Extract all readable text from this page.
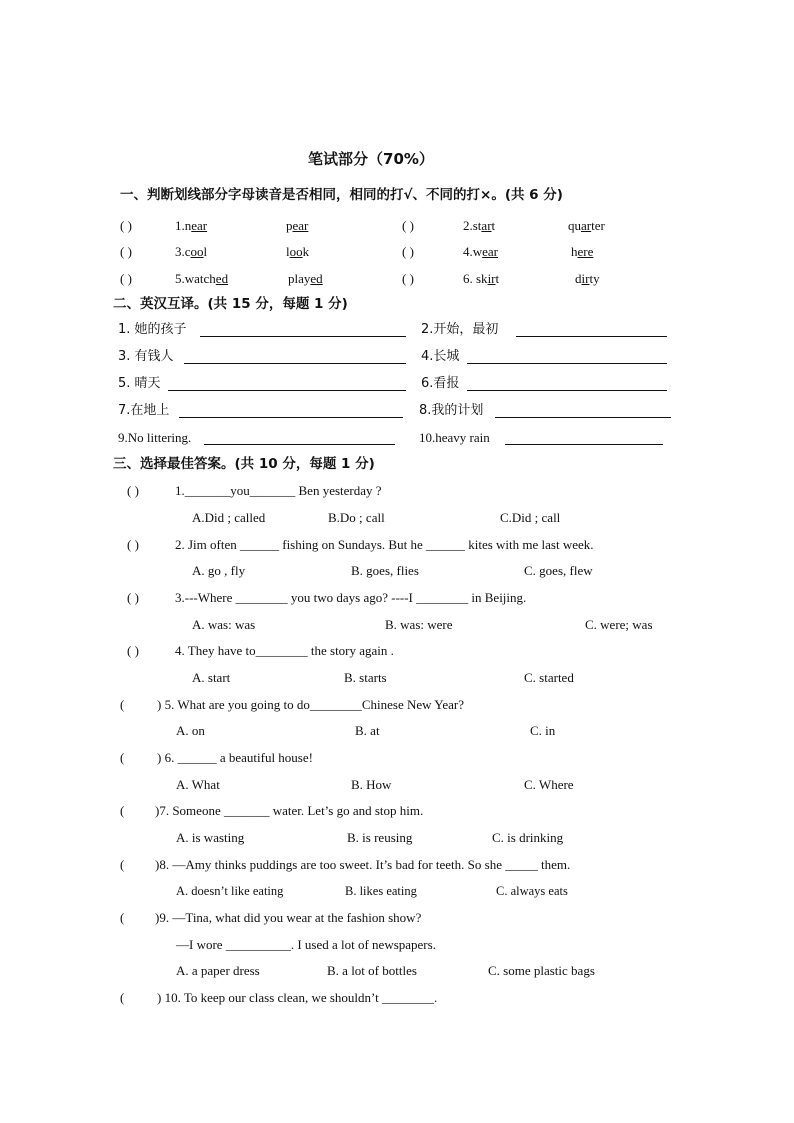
笔试部分（70%）
一、判断划线部分字母读音是否相同，相同的打√、不同的打×。(共 6 分)
( )	1.near	pear	( )	2.start	quarter
( )	3.cool	look	( )	4.wear	here
( )	5.watched	played	( )	6. skirt	dirty
二、英汉互译。(共 15 分，每题 1 分)
1. 她的孩子	2.开始，最初
3. 有钱人	4.长城
5. 晴天	6.看报
7.在地上	8.我的计划
9.No littering.	10.heavy rain
三、选择最佳答案。(共 10 分，每题 1 分)
( )	1._______you_______ Ben yesterday ?
A.Did ; called	B.Do ; call	C.Did ; call
( )	2. Jim often ______ fishing on Sundays. But he ______ kites with me last week.
A. go , fly	B. goes, flies	C. goes, flew
( )	3.---Where ________ you two days ago? ----I ________ in Beijing.
A. was: was	B. was: were	C. were; was
( )	4. They have to________ the story again .
A. start	B. starts	C. started
(	) 5. What are you going to do________Chinese New Year?
A. on	B. at	C. in
(	) 6. ______ a beautiful house!
A. What	B. How	C. Where
( )7. Someone _______ water. Let’s go and stop him.
A. is wasting	B. is reusing	C. is drinking
( )8. —Amy thinks puddings are too sweet. It’s bad for teeth. So she _____ them.
A. doesn’t like eating	B. likes eating	C. always eats
( )9. —Tina, what did you wear at the fashion show?
—I wore __________. I used a lot of newspapers.
A. a paper dress	B. a lot of bottles	C. some plastic bags
(	) 10. To keep our class clean, we shouldn’t ________.
